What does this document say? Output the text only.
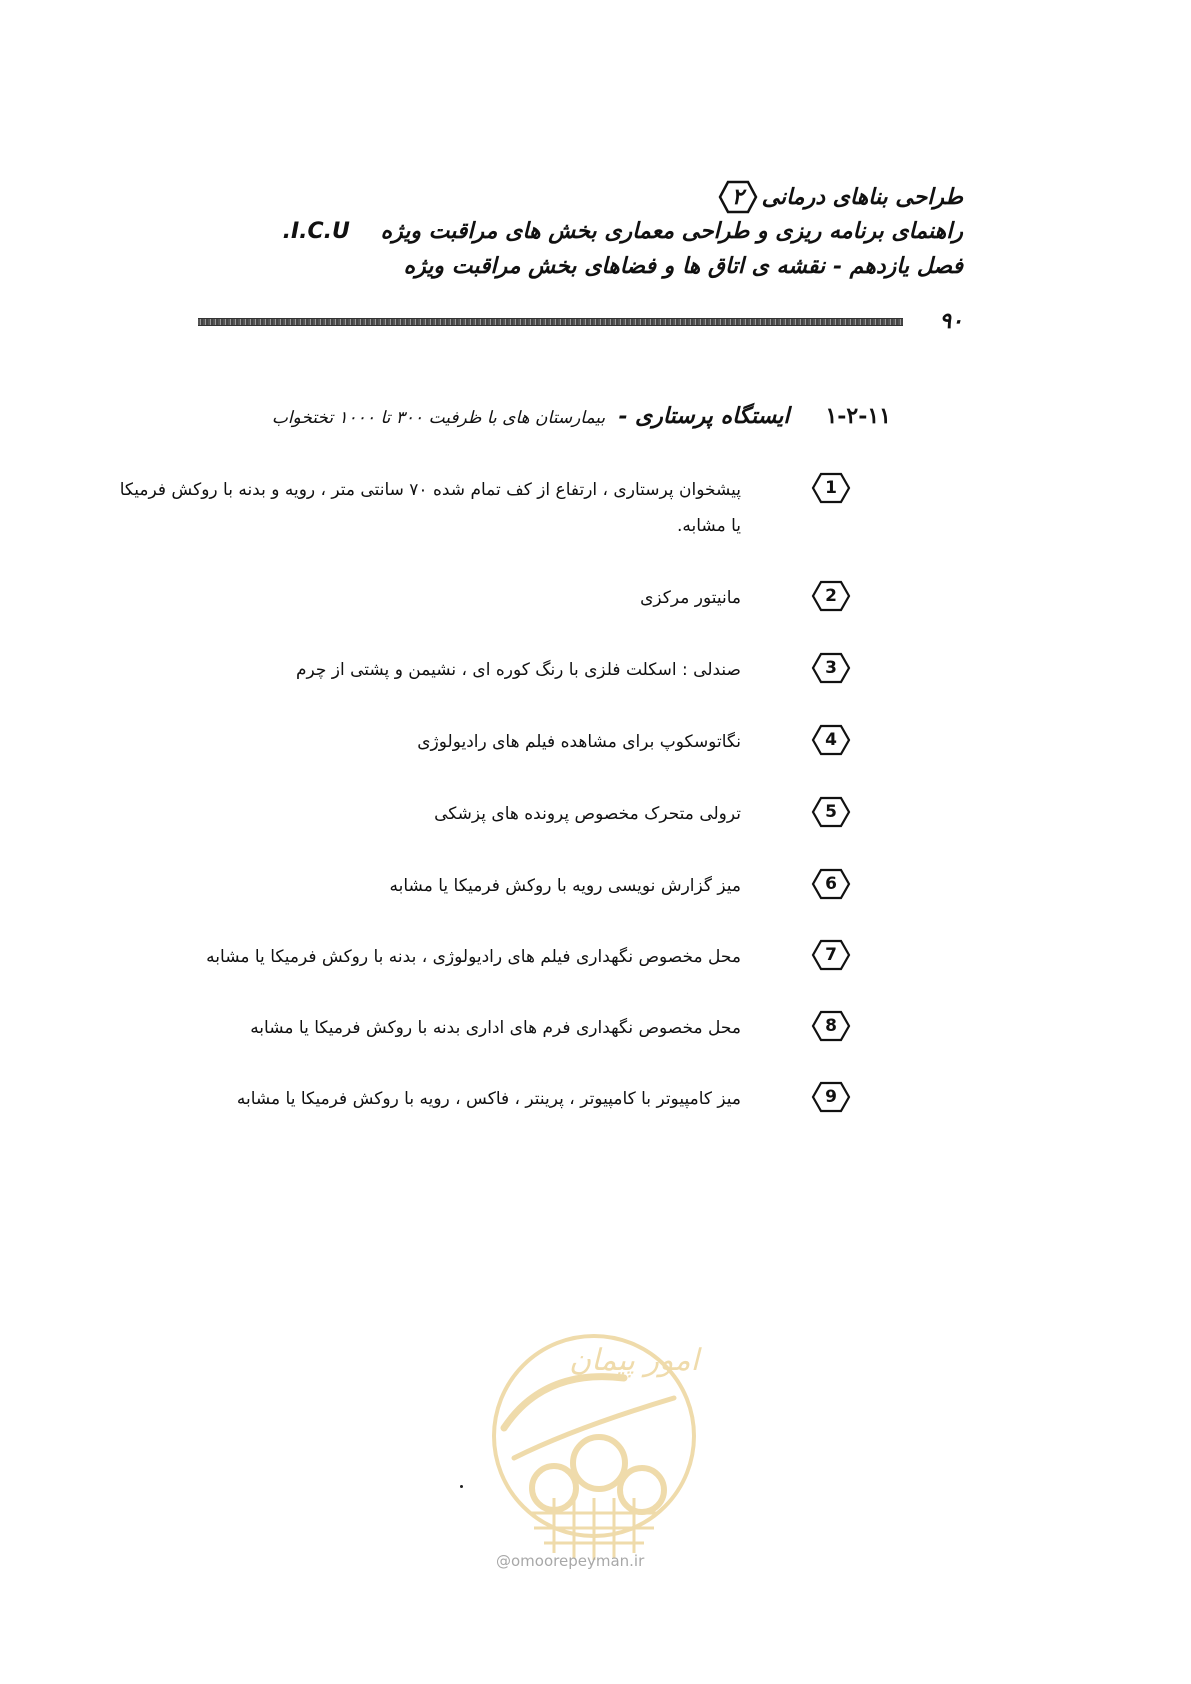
طراحی بناهای درمانی
۲
راهنمای برنامه ریزی و طراحی معماری بخش های مراقبت ویژه    I.C.U.
فصل یازدهم - نقشه ی اتاق ها و فضاهای بخش مراقبت ویژه
۹۰
۱-۲-۱۱
ایستگاه پرستاری - بیمارستان های با ظرفیت ۳۰۰ تا ۱۰۰۰ تختخواب
1
پیشخوان پرستاری ، ارتفاع از کف تمام شده ۷۰ سانتی متر ، رویه و بدنه با روکش فرمیکا یا مشابه.
2
مانیتور مرکزی
3
صندلی : اسکلت فلزی با رنگ کوره ای ، نشیمن و پشتی از چرم
4
نگاتوسکوپ برای مشاهده فیلم های رادیولوژی
5
ترولی متحرک مخصوص پرونده های پزشکی
6
میز گزارش نویسی رویه با روکش فرمیکا یا مشابه
7
محل مخصوص نگهداری فیلم های رادیولوژی ، بدنه با روکش فرمیکا یا مشابه
8
محل مخصوص نگهداری فرم های اداری بدنه با روکش فرمیکا یا مشابه
9
میز کامپیوتر با کامپیوتر ، پرینتر ، فاکس ، رویه با روکش فرمیکا یا مشابه
امور پیمان
@omoorepeyman.ir
